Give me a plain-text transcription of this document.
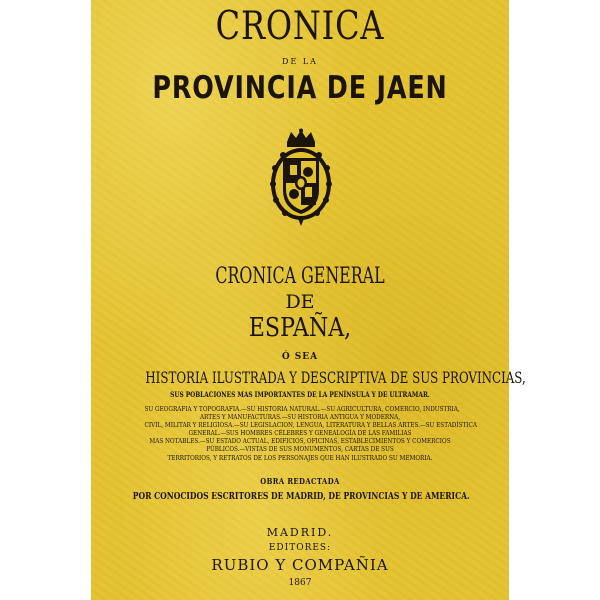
CRONICA
DE LA
PROVINCIA DE JAEN
CRONICA GENERAL
DE
ESPAÑA,
Ó SEA
HISTORIA ILUSTRADA Y DESCRIPTIVA DE SUS PROVINCIAS,
SUS POBLACIONES MAS IMPORTANTES DE LA PENÍNSULA Y DE ULTRAMAR.
SU GEOGRAFÍA Y TOPOGRAFÍA.—SU HISTORIA NATURAL.—SU AGRICULTURA, COMERCIO, INDUSTRIA,
ARTES Y MANUFACTURAS.—SU HISTORIA ANTIGUA Y MODERNA,
CIVIL, MILITAR Y RELIGIOSA.—SU LEGISLACION, LENGUA, LITERATURA Y BELLAS ARTES.—SU ESTADÍSTICA
GENERAL.—SUS HOMBRES CÉLEBRES Y GENEALOGÍA DE LAS FAMILIAS
MAS NOTABLES.—SU ESTADO ACTUAL, EDIFICIOS, OFICINAS, ESTABLECIMIENTOS Y COMERCIOS
PÚBLICOS.—VISTAS DE SUS MONUMENTOS, CARTAS DE SUS
TERRITORIOS, Y RETRATOS DE LOS PERSONAJES QUE HAN ILUSTRADO SU MEMORIA.
OBRA REDACTADA
POR CONOCIDOS ESCRITORES DE MADRID, DE PROVINCIAS Y DE AMERICA.
MADRID.
EDITORES:
RUBIO Y COMPAÑIA
1867
